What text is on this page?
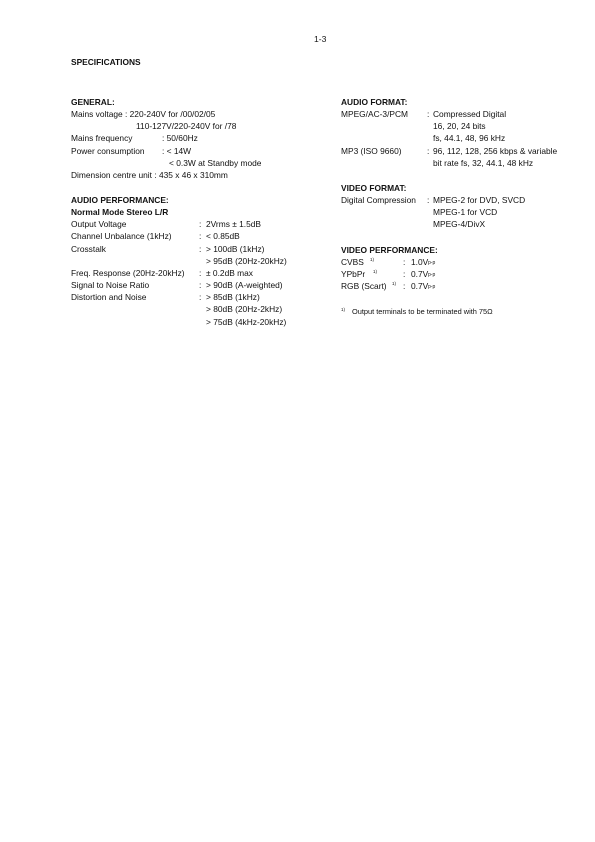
1-3
SPECIFICATIONS
GENERAL:
Mains voltage : 220-240V for /00/02/05
110-127V/220-240V for /78
Mains frequency	: 50/60Hz
Power consumption : < 14W
< 0.3W at Standby mode
Dimension centre unit : 435 x 46 x 310mm
AUDIO PERFORMANCE:
Normal Mode Stereo L/R
Output Voltage	: 2Vrms ± 1.5dB
Channel Unbalance (1kHz)	: < 0.85dB
Crosstalk	: > 100dB (1kHz)
> 95dB (20Hz-20kHz)
Freq. Response (20Hz-20kHz) : ± 0.2dB max
Signal to Noise Ratio	: > 90dB (A-weighted)
Distortion and Noise	: > 85dB (1kHz)
> 80dB (20Hz-2kHz)
> 75dB (4kHz-20kHz)
AUDIO FORMAT:
MPEG/AC-3/PCM : Compressed Digital
16, 20, 24 bits
fs, 44.1, 48, 96 kHz
MP3 (ISO 9660)	: 96, 112, 128, 256 kbps & variable
bit rate fs, 32, 44.1, 48 kHz
VIDEO FORMAT:
Digital Compression : MPEG-2 for DVD, SVCD
MPEG-1 for VCD
MPEG-4/DivX
VIDEO PERFORMANCE:
CVBS 1)	: 1.0V p-p
YPbPr 1)	: 0.7V p-p
RGB (Scart) 1) : 0.7V p-p
1) Output terminals to be terminated with 75Ω
